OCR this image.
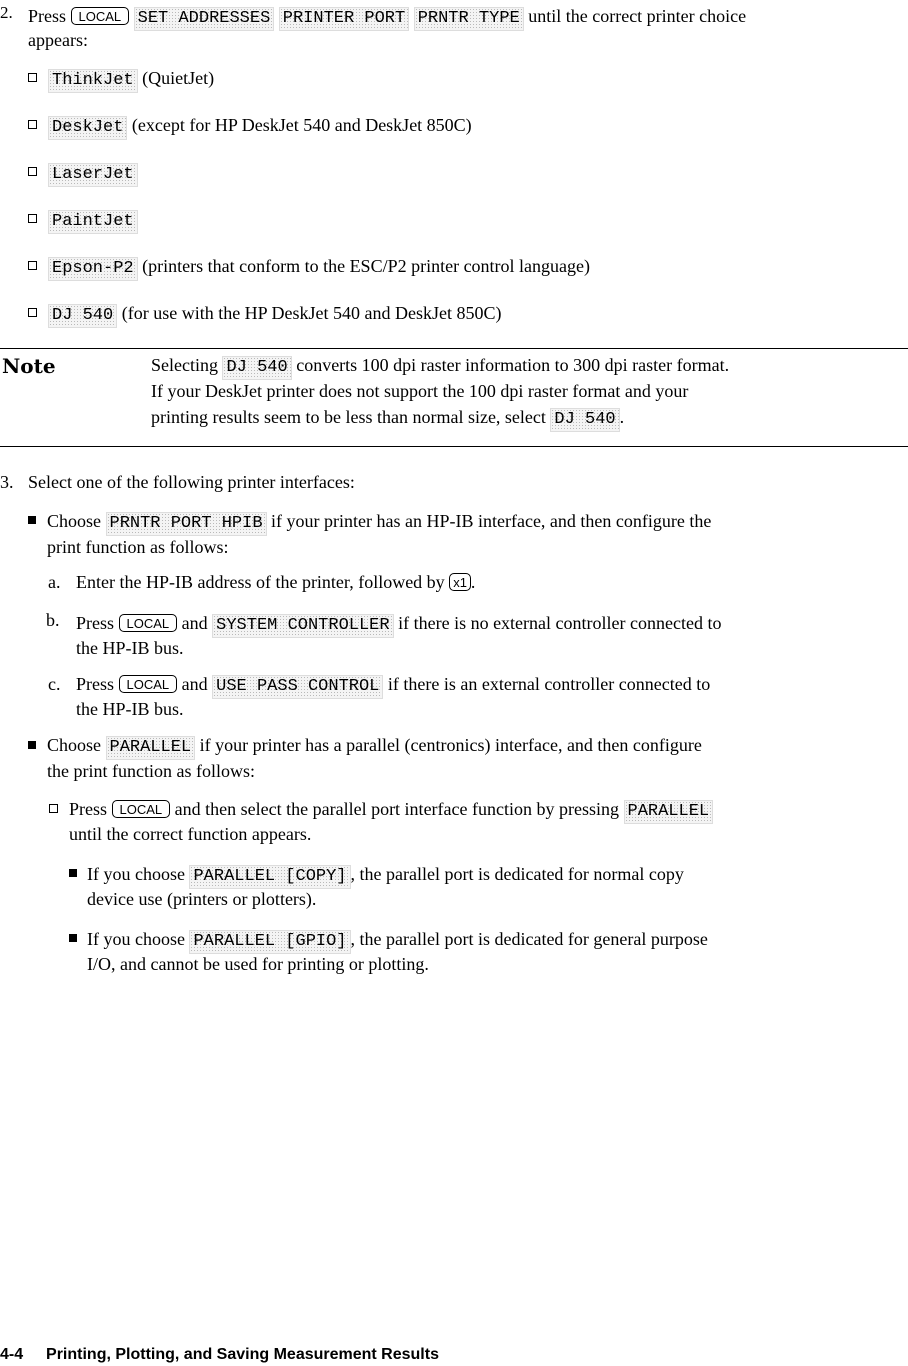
2. Press LOCAL SET ADDRESSES PRINTER PORT PRNTR TYPE until the correct printer choice
appears:
ThinkJet (QuietJet)
DeskJet (except for HP DeskJet 540 and DeskJet 850C)
LaserJet
PaintJet
Epson-P2 (printers that conform to the ESC/P2 printer control language)
DJ 540 (for use with the HP DeskJet 540 and DeskJet 850C)
Note	Selecting DJ 540 converts 100 dpi raster information to 300 dpi raster format.
If your DeskJet printer does not support the 100 dpi raster format and your
printing results seem to be less than normal size, select DJ 540 .
3. Select one of the following printer interfaces:
Choose PRNTR PORT HPIB if your printer has an HP-IB interface, and then configure the
print function as follows:
a. Enter the HP-IB address of the printer, followed by x1 .
b. Press LOCAL and SYSTEM CONTROLLER if there is no external controller connected to
the HP-IB bus.
c. Press LOCAL and USE PASS CONTROL if there is an external controller connected to
the HP-IB bus.
Choose PARALLEL if your printer has a parallel (centronics) interface, and then configure
the print function as follows:
Press LOCAL and then select the parallel port interface function by pressing PARALLEL
until the correct function appears.
If you choose PARALLEL [COPY] , the parallel port is dedicated for normal copy
device use (printers or plotters).
If you choose PARALLEL [GPIO] , the parallel port is dedicated for general purpose
I/O, and cannot be used for printing or plotting.
4-4 Printing, Plotting, and Saving Measurement Results
